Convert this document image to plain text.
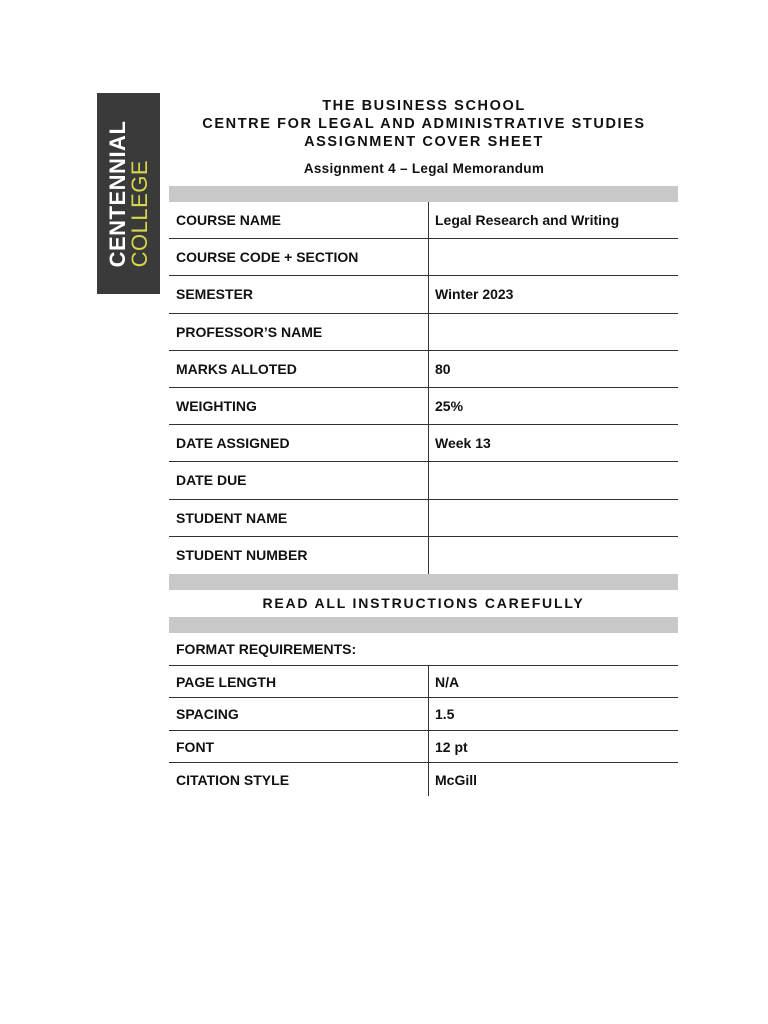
CENTENNIAL
COLLEGE
THE BUSINESS SCHOOL
CENTRE FOR LEGAL AND ADMINISTRATIVE STUDIES
ASSIGNMENT COVER SHEET
Assignment 4 – Legal Memorandum
COURSE NAME	Legal Research and Writing
COURSE CODE + SECTION
SEMESTER	Winter 2023
PROFESSOR’S NAME
MARKS ALLOTED	80
WEIGHTING	25%
DATE ASSIGNED	Week 13
DATE DUE
STUDENT NAME
STUDENT NUMBER
READ ALL INSTRUCTIONS CAREFULLY
FORMAT REQUIREMENTS:
PAGE LENGTH	N/A
SPACING	1.5
FONT	12 pt
CITATION STYLE	McGill
